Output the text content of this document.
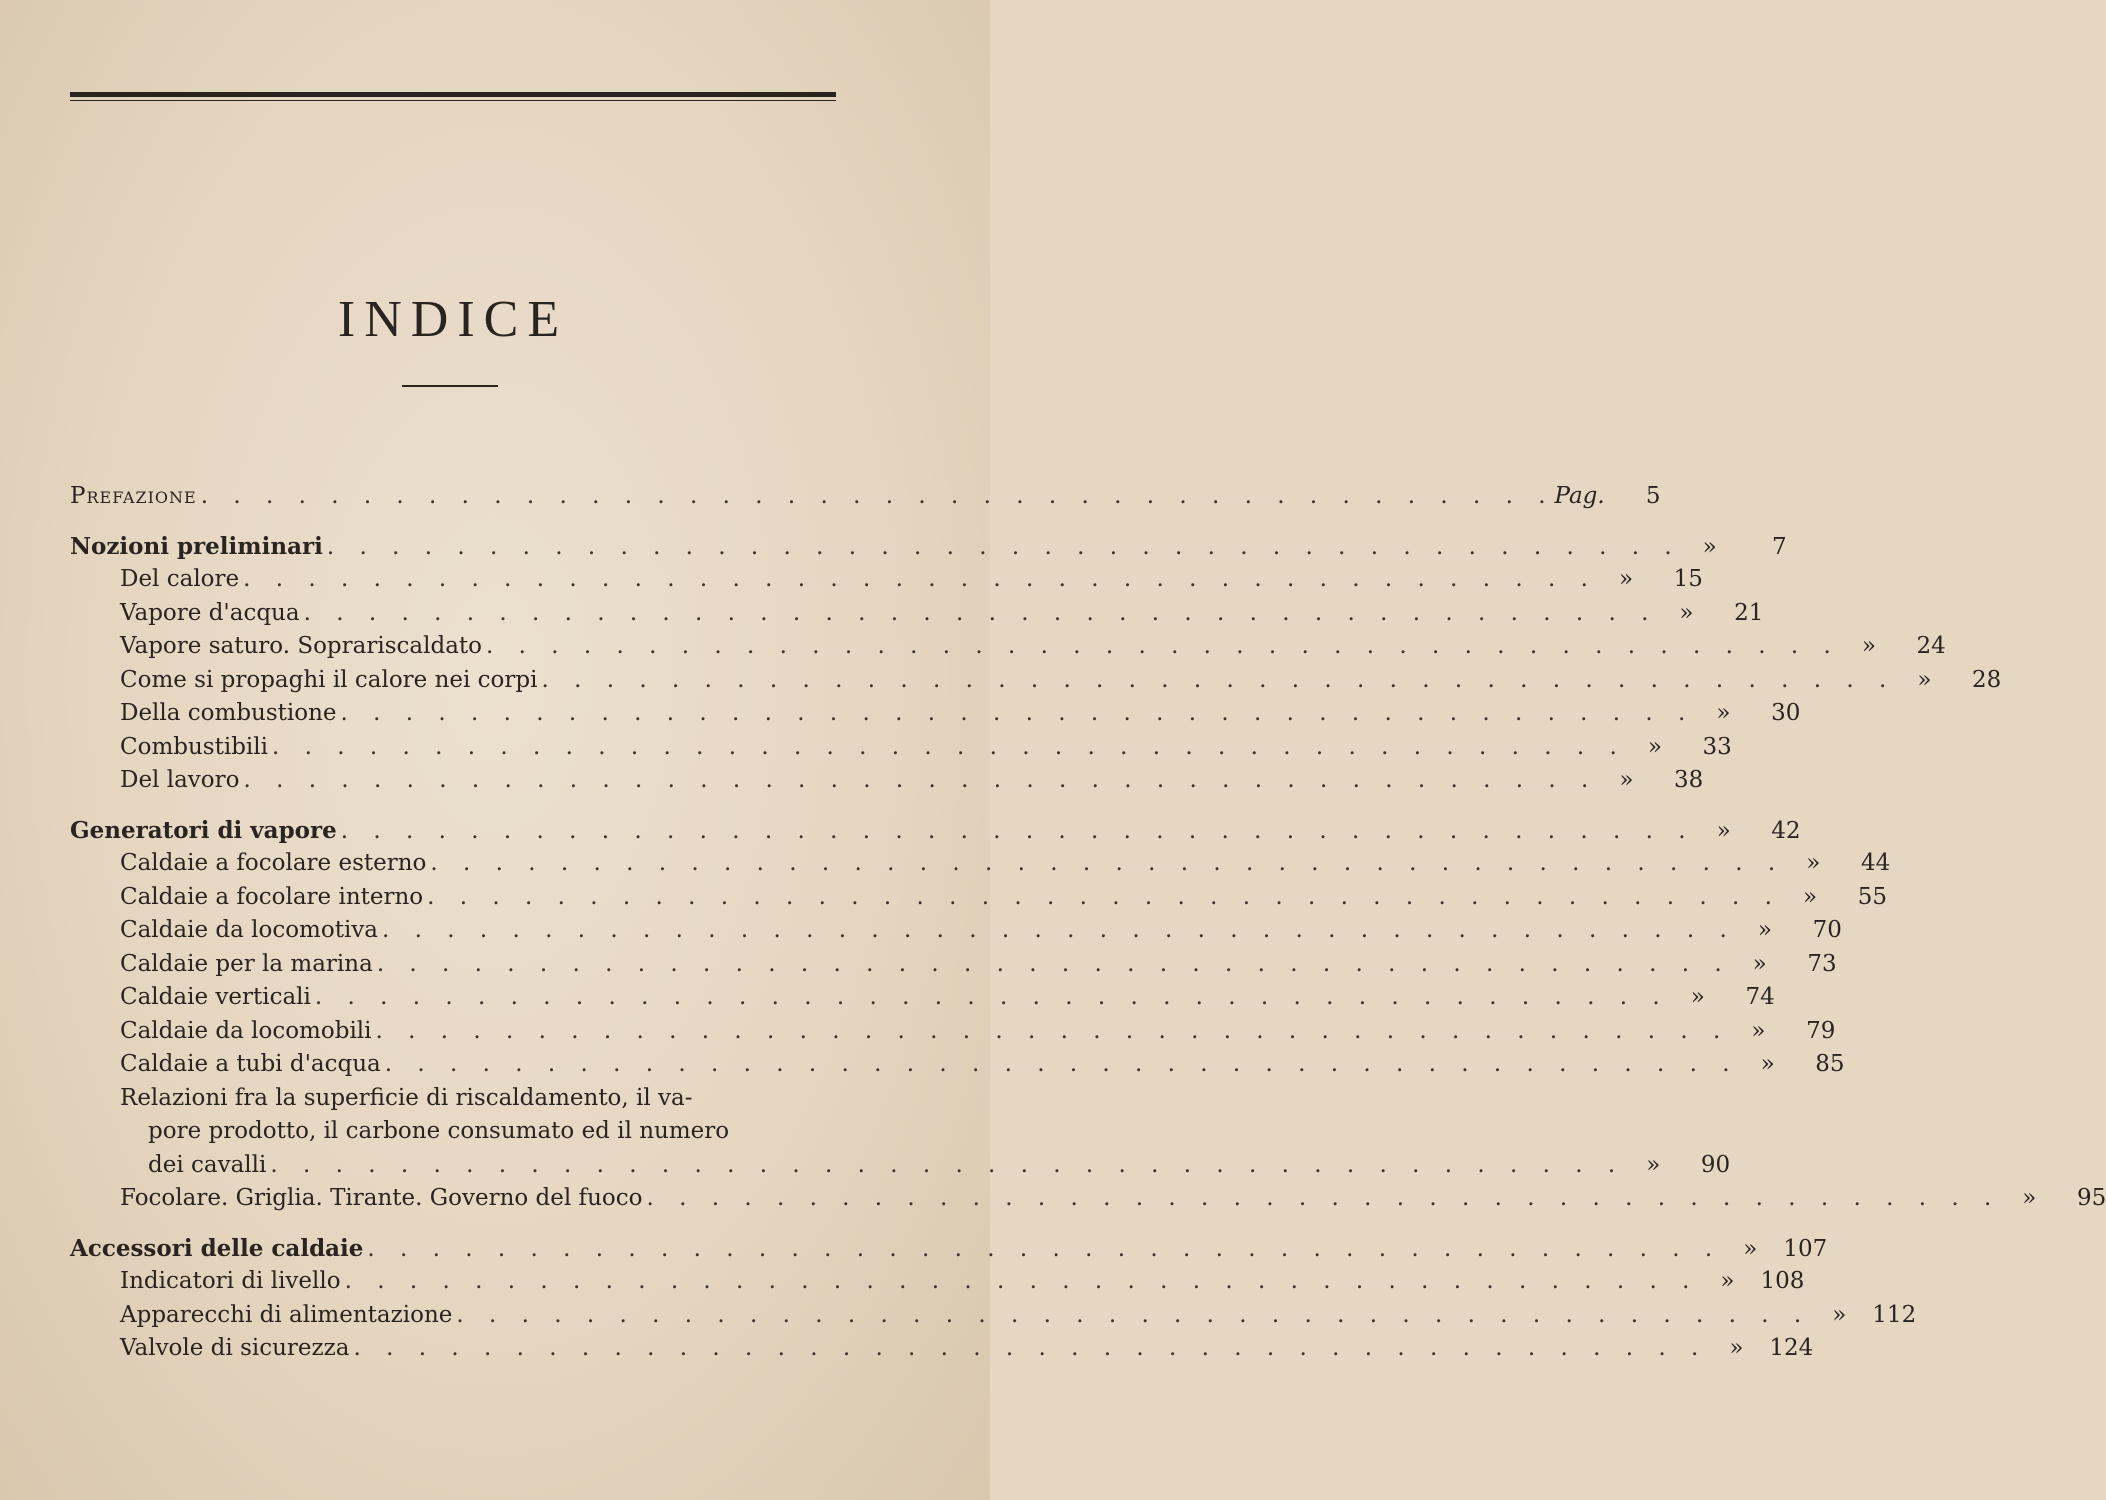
INDICE
Prefazione . . . . . . . . . . . . . . . . . . . . . . . . . . . . . . . . . . . . . . . . . . Pag.	5
Nozioni preliminari . . . . . . . . . . . . . . . . . . . . . . . . . . . . . . . . . . . . . . . . . . »	7
Del calore . . . . . . . . . . . . . . . . . . . . . . . . . . . . . . . . . . . . . . . . . . »	15
Vapore d'acqua . . . . . . . . . . . . . . . . . . . . . . . . . . . . . . . . . . . . . . . . . . »	21
Vapore saturo. Soprariscaldato . . . . . . . . . . . . . . . . . . . . . . . . . . . . . . . . . . . . . . . . . . »	24
Come si propaghi il calore nei corpi . . . . . . . . . . . . . . . . . . . . . . . . . . . . . . . . . . . . . . . . . . »	28
Della combustione . . . . . . . . . . . . . . . . . . . . . . . . . . . . . . . . . . . . . . . . . . »	30
Combustibili . . . . . . . . . . . . . . . . . . . . . . . . . . . . . . . . . . . . . . . . . . »	33
Del lavoro . . . . . . . . . . . . . . . . . . . . . . . . . . . . . . . . . . . . . . . . . . »	38
Generatori di vapore . . . . . . . . . . . . . . . . . . . . . . . . . . . . . . . . . . . . . . . . . . »	42
Caldaie a focolare esterno . . . . . . . . . . . . . . . . . . . . . . . . . . . . . . . . . . . . . . . . . . »	44
Caldaie a focolare interno . . . . . . . . . . . . . . . . . . . . . . . . . . . . . . . . . . . . . . . . . . »	55
Caldaie da locomotiva . . . . . . . . . . . . . . . . . . . . . . . . . . . . . . . . . . . . . . . . . . »	70
Caldaie per la marina . . . . . . . . . . . . . . . . . . . . . . . . . . . . . . . . . . . . . . . . . . »	73
Caldaie verticali . . . . . . . . . . . . . . . . . . . . . . . . . . . . . . . . . . . . . . . . . . »	74
Caldaie da locomobili . . . . . . . . . . . . . . . . . . . . . . . . . . . . . . . . . . . . . . . . . . »	79
Caldaie a tubi d'acqua . . . . . . . . . . . . . . . . . . . . . . . . . . . . . . . . . . . . . . . . . . »	85
Relazioni fra la superficie di riscaldamento, il va-
pore prodotto, il carbone consumato ed il numero
dei cavalli . . . . . . . . . . . . . . . . . . . . . . . . . . . . . . . . . . . . . . . . . . »	90
Focolare. Griglia. Tirante. Governo del fuoco . . . . . . . . . . . . . . . . . . . . . . . . . . . . . . . . . . . . . . . . . . »	95
Accessori delle caldaie . . . . . . . . . . . . . . . . . . . . . . . . . . . . . . . . . . . . . . . . . . »	107
Indicatori di livello . . . . . . . . . . . . . . . . . . . . . . . . . . . . . . . . . . . . . . . . . . »	108
Apparecchi di alimentazione . . . . . . . . . . . . . . . . . . . . . . . . . . . . . . . . . . . . . . . . . . »	112
Valvole di sicurezza . . . . . . . . . . . . . . . . . . . . . . . . . . . . . . . . . . . . . . . . . . »	124
